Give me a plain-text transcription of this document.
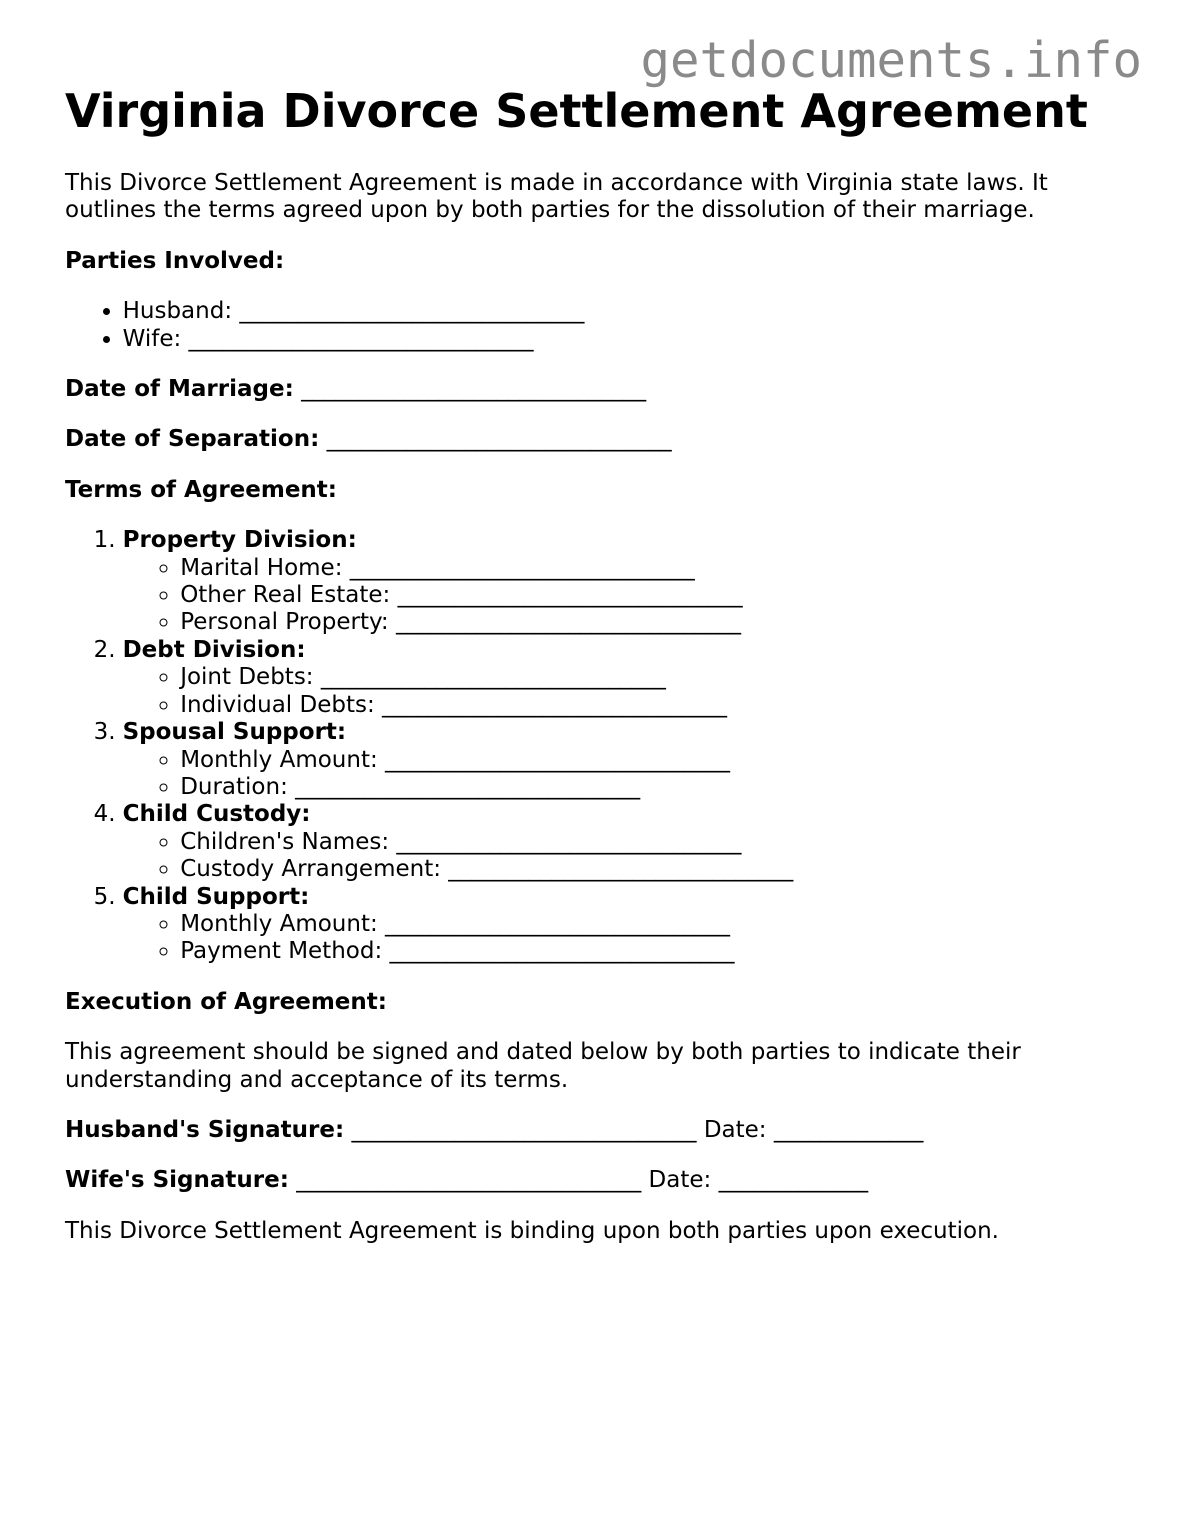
getdocuments.info
Virginia Divorce Settlement Agreement

This Divorce Settlement Agreement is made in accordance with Virginia state laws. It outlines the terms agreed upon by both parties for the dissolution of their marriage.

Parties Involved:

• Husband: ______________________________
• Wife: ______________________________

Date of Marriage: ______________________________

Date of Separation: ______________________________

Terms of Agreement:

1. Property Division:
◦ Marital Home: ______________________________
◦ Other Real Estate: ______________________________
◦ Personal Property: ______________________________
2. Debt Division:
◦ Joint Debts: ______________________________
◦ Individual Debts: ______________________________
3. Spousal Support:
◦ Monthly Amount: ______________________________
◦ Duration: ______________________________
4. Child Custody:
◦ Children's Names: ______________________________
◦ Custody Arrangement: ______________________________
5. Child Support:
◦ Monthly Amount: ______________________________
◦ Payment Method: ______________________________

Execution of Agreement:

This agreement should be signed and dated below by both parties to indicate their understanding and acceptance of its terms.

Husband's Signature: ______________________________ Date: _____________

Wife's Signature: ______________________________ Date: _____________

This Divorce Settlement Agreement is binding upon both parties upon execution.
